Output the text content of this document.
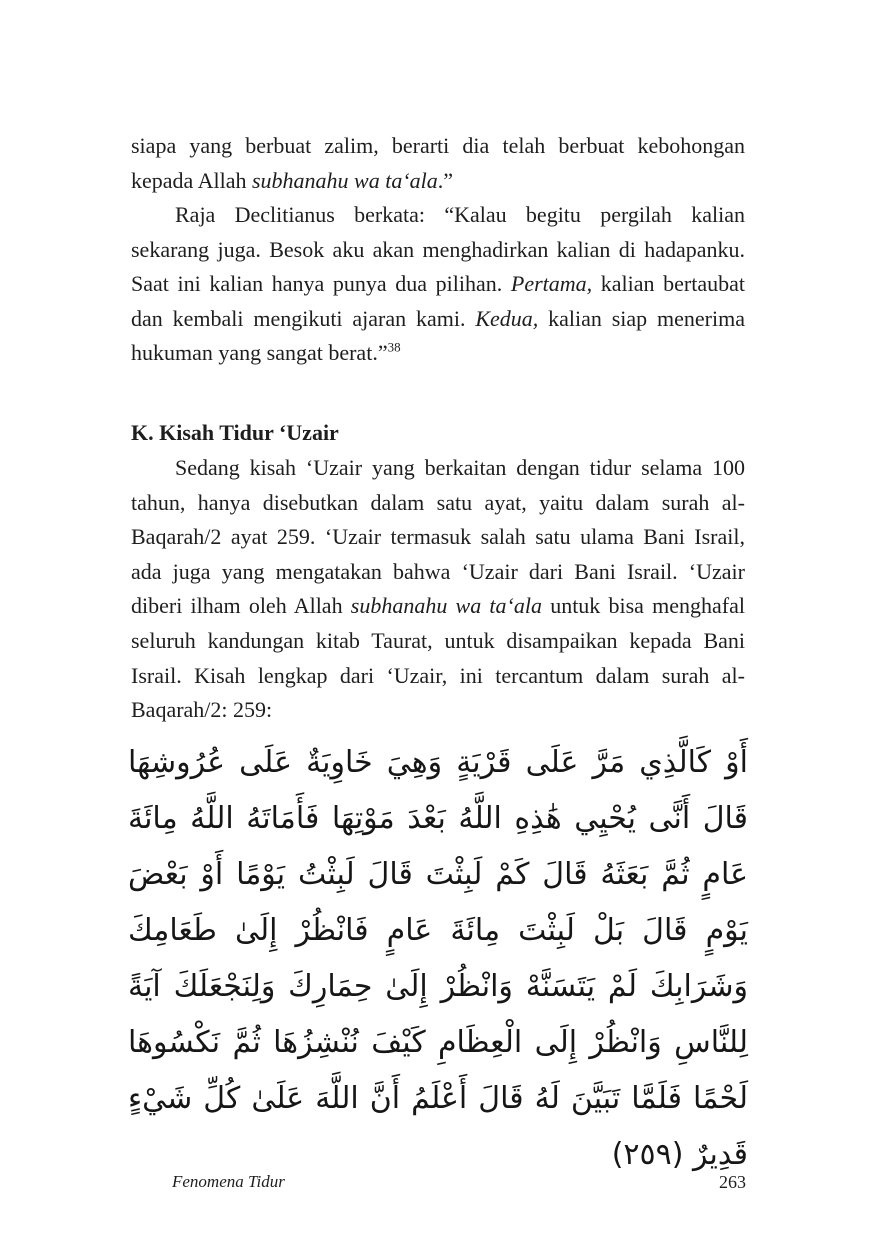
siapa yang berbuat zalim, berarti dia telah berbuat kebohongan kepada Allah subhanahu wa ta‘ala.”

Raja Declitianus berkata: “Kalau begitu pergilah kalian sekarang juga. Besok aku akan menghadirkan kalian di hadapanku. Saat ini kalian hanya punya dua pilihan. Pertama, kalian bertaubat dan kembali mengikuti ajaran kami. Kedua, kalian siap menerima hukuman yang sangat berat.”$^{38}$

K. Kisah Tidur ‘Uzair

Sedang kisah ‘Uzair yang berkaitan dengan tidur selama 100 tahun, hanya disebutkan dalam satu ayat, yaitu dalam surah al-Baqarah/2 ayat 259. ‘Uzair termasuk salah satu ulama Bani Israil, ada juga yang mengatakan bahwa ‘Uzair dari Bani Israil. ‘Uzair diberi ilham oleh Allah subhanahu wa ta‘ala untuk bisa menghafal seluruh kandungan kitab Taurat, untuk disampaikan kepada Bani Israil. Kisah lengkap dari ‘Uzair, ini tercantum dalam surah al-Baqarah/2: 259:

أَوْ كَالَّذِي مَرَّ عَلَى قَرْيَةٍ وَهِيَ خَاوِيَةٌ عَلَى عُرُوشِهَا قَالَ أَنَّى يُحْيِي هَٰذِهِ اللَّهُ بَعْدَ مَوْتِهَا فَأَمَاتَهُ اللَّهُ مِائَةَ عَامٍ ثُمَّ بَعَثَهُ قَالَ كَمْ لَبِثْتَ قَالَ لَبِثْتُ يَوْمًا أَوْ بَعْضَ يَوْمٍ قَالَ بَلْ لَبِثْتَ مِائَةَ عَامٍ فَانْظُرْ إِلَىٰ طَعَامِكَ وَشَرَابِكَ لَمْ يَتَسَنَّهْ وَانْظُرْ إِلَىٰ حِمَارِكَ وَلِنَجْعَلَكَ آيَةً لِلنَّاسِ وَانْظُرْ إِلَى الْعِظَامِ كَيْفَ نُنْشِزُهَا ثُمَّ نَكْسُوهَا لَحْمًا فَلَمَّا تَبَيَّنَ لَهُ قَالَ أَعْلَمُ أَنَّ اللَّهَ عَلَىٰ كُلِّ شَيْءٍ قَدِيرٌ (٢٥٩)

Fenomena Tidur	263
